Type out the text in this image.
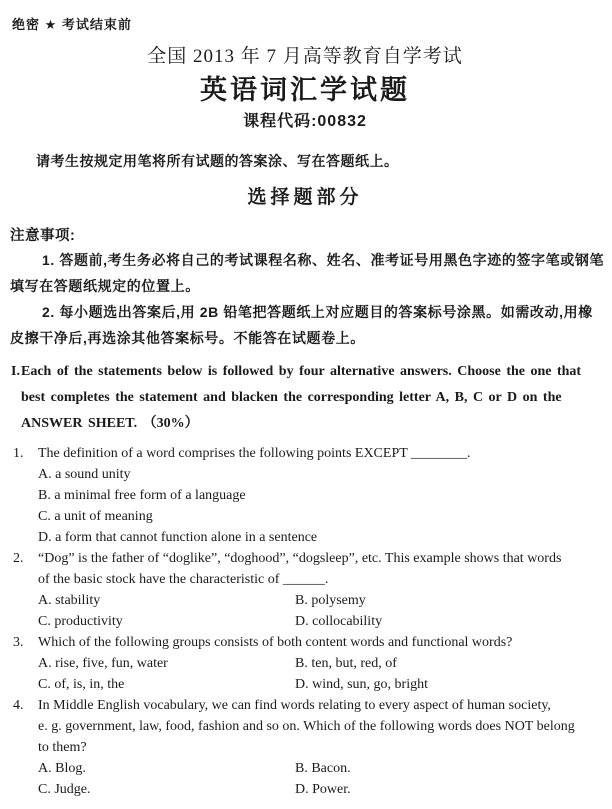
绝密 ★ 考试结束前
全国 2013 年 7 月高等教育自学考试
英语词汇学试题
课程代码:00832
请考生按规定用笔将所有试题的答案涂、写在答题纸上。
选择题部分
注意事项:
1. 答题前,考生务必将自己的考试课程名称、姓名、准考证号用黑色字迹的签字笔或钢笔
填写在答题纸规定的位置上。
2. 每小题选出答案后,用 2B 铅笔把答题纸上对应题目的答案标号涂黑。如需改动,用橡
皮擦干净后,再选涂其他答案标号。不能答在试题卷上。
I. Each of the statements below is followed by four alternative answers. Choose the one that
best completes the statement and blacken the corresponding letter A, B, C or D on the
ANSWER SHEET. （30%）
1.	The definition of a word comprises the following points EXCEPT ________.
A. a sound unity
B. a minimal free form of a language
C. a unit of meaning
D. a form that cannot function alone in a sentence
2.	“Dog” is the father of “doglike”, “doghood”, “dogsleep”, etc. This example shows that words
of the basic stock have the characteristic of ______.
A. stability	B. polysemy
C. productivity	D. collocability
3.	Which of the following groups consists of both content words and functional words?
A. rise, five, fun, water	B. ten, but, red, of
C. of, is, in, the	D. wind, sun, go, bright
4.	In Middle English vocabulary, we can find words relating to every aspect of human society,
e. g. government, law, food, fashion and so on. Which of the following words does NOT belong
to them?
A. Blog.	B. Bacon.
C. Judge.	D. Power.
